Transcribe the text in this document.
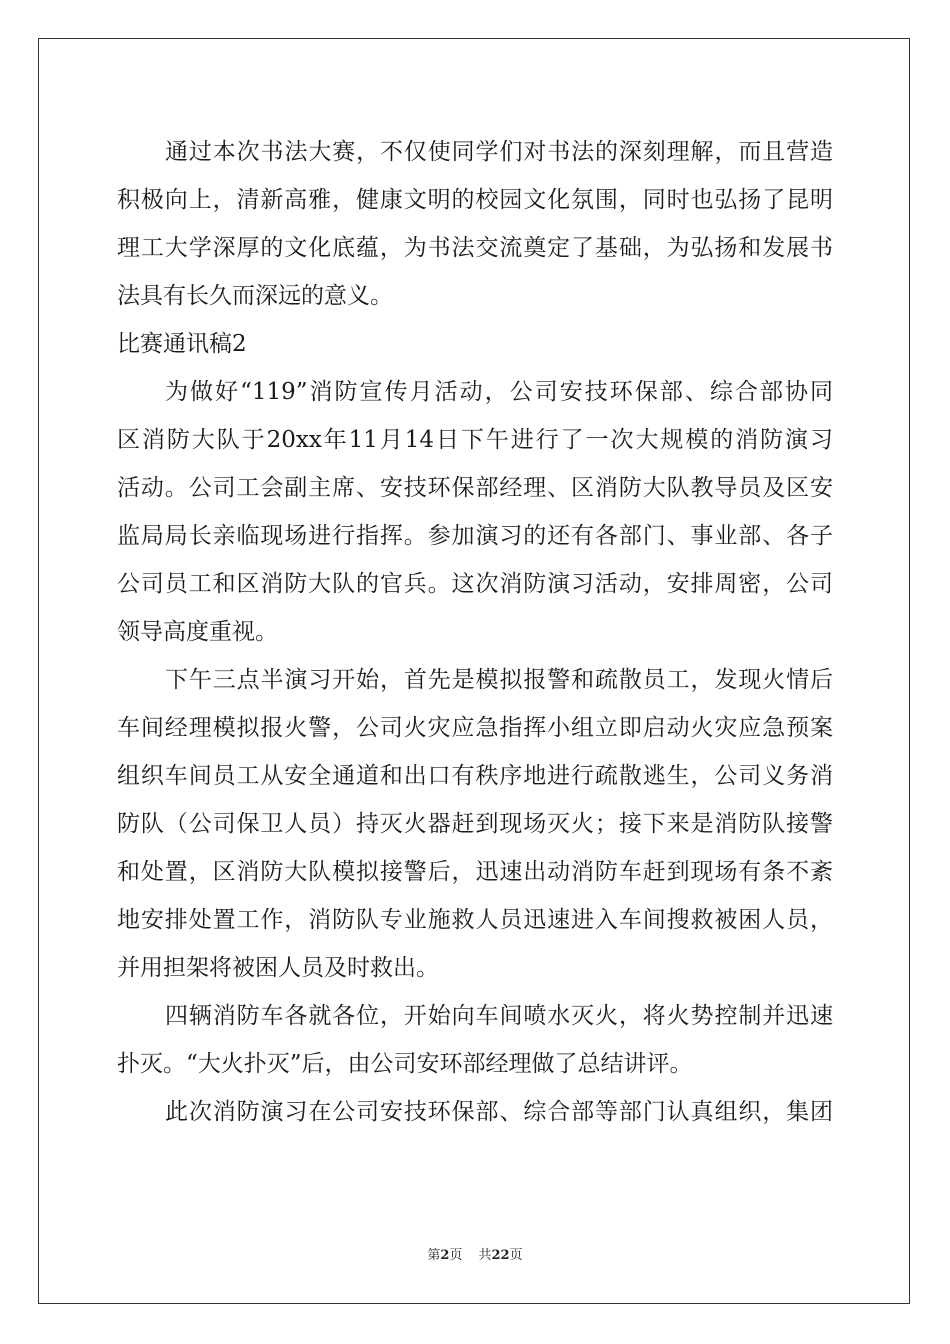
通过本次书法大赛，不仅使同学们对书法的深刻理解，而且营造
积极向上，清新高雅，健康文明的校园文化氛围，同时也弘扬了昆明
理工大学深厚的文化底蕴，为书法交流奠定了基础，为弘扬和发展书
法具有长久而深远的意义。
比赛通讯稿2
为做好“119”消防宣传月活动，公司安技环保部、综合部协同
区消防大队于20xx年11月14日下午进行了一次大规模的消防演习
活动。公司工会副主席、安技环保部经理、区消防大队教导员及区安
监局局长亲临现场进行指挥。参加演习的还有各部门、事业部、各子
公司员工和区消防大队的官兵。这次消防演习活动，安排周密，公司
领导高度重视。
下午三点半演习开始，首先是模拟报警和疏散员工，发现火情后
车间经理模拟报火警，公司火灾应急指挥小组立即启动火灾应急预案
组织车间员工从安全通道和出口有秩序地进行疏散逃生，公司义务消
防队（公司保卫人员）持灭火器赶到现场灭火；接下来是消防队接警
和处置，区消防大队模拟接警后，迅速出动消防车赶到现场有条不紊
地安排处置工作，消防队专业施救人员迅速进入车间搜救被困人员，
并用担架将被困人员及时救出。
四辆消防车各就各位，开始向车间喷水灭火，将火势控制并迅速
扑灭。“大火扑灭”后，由公司安环部经理做了总结讲评。
此次消防演习在公司安技环保部、综合部等部门认真组织，集团
第2页 共22页
